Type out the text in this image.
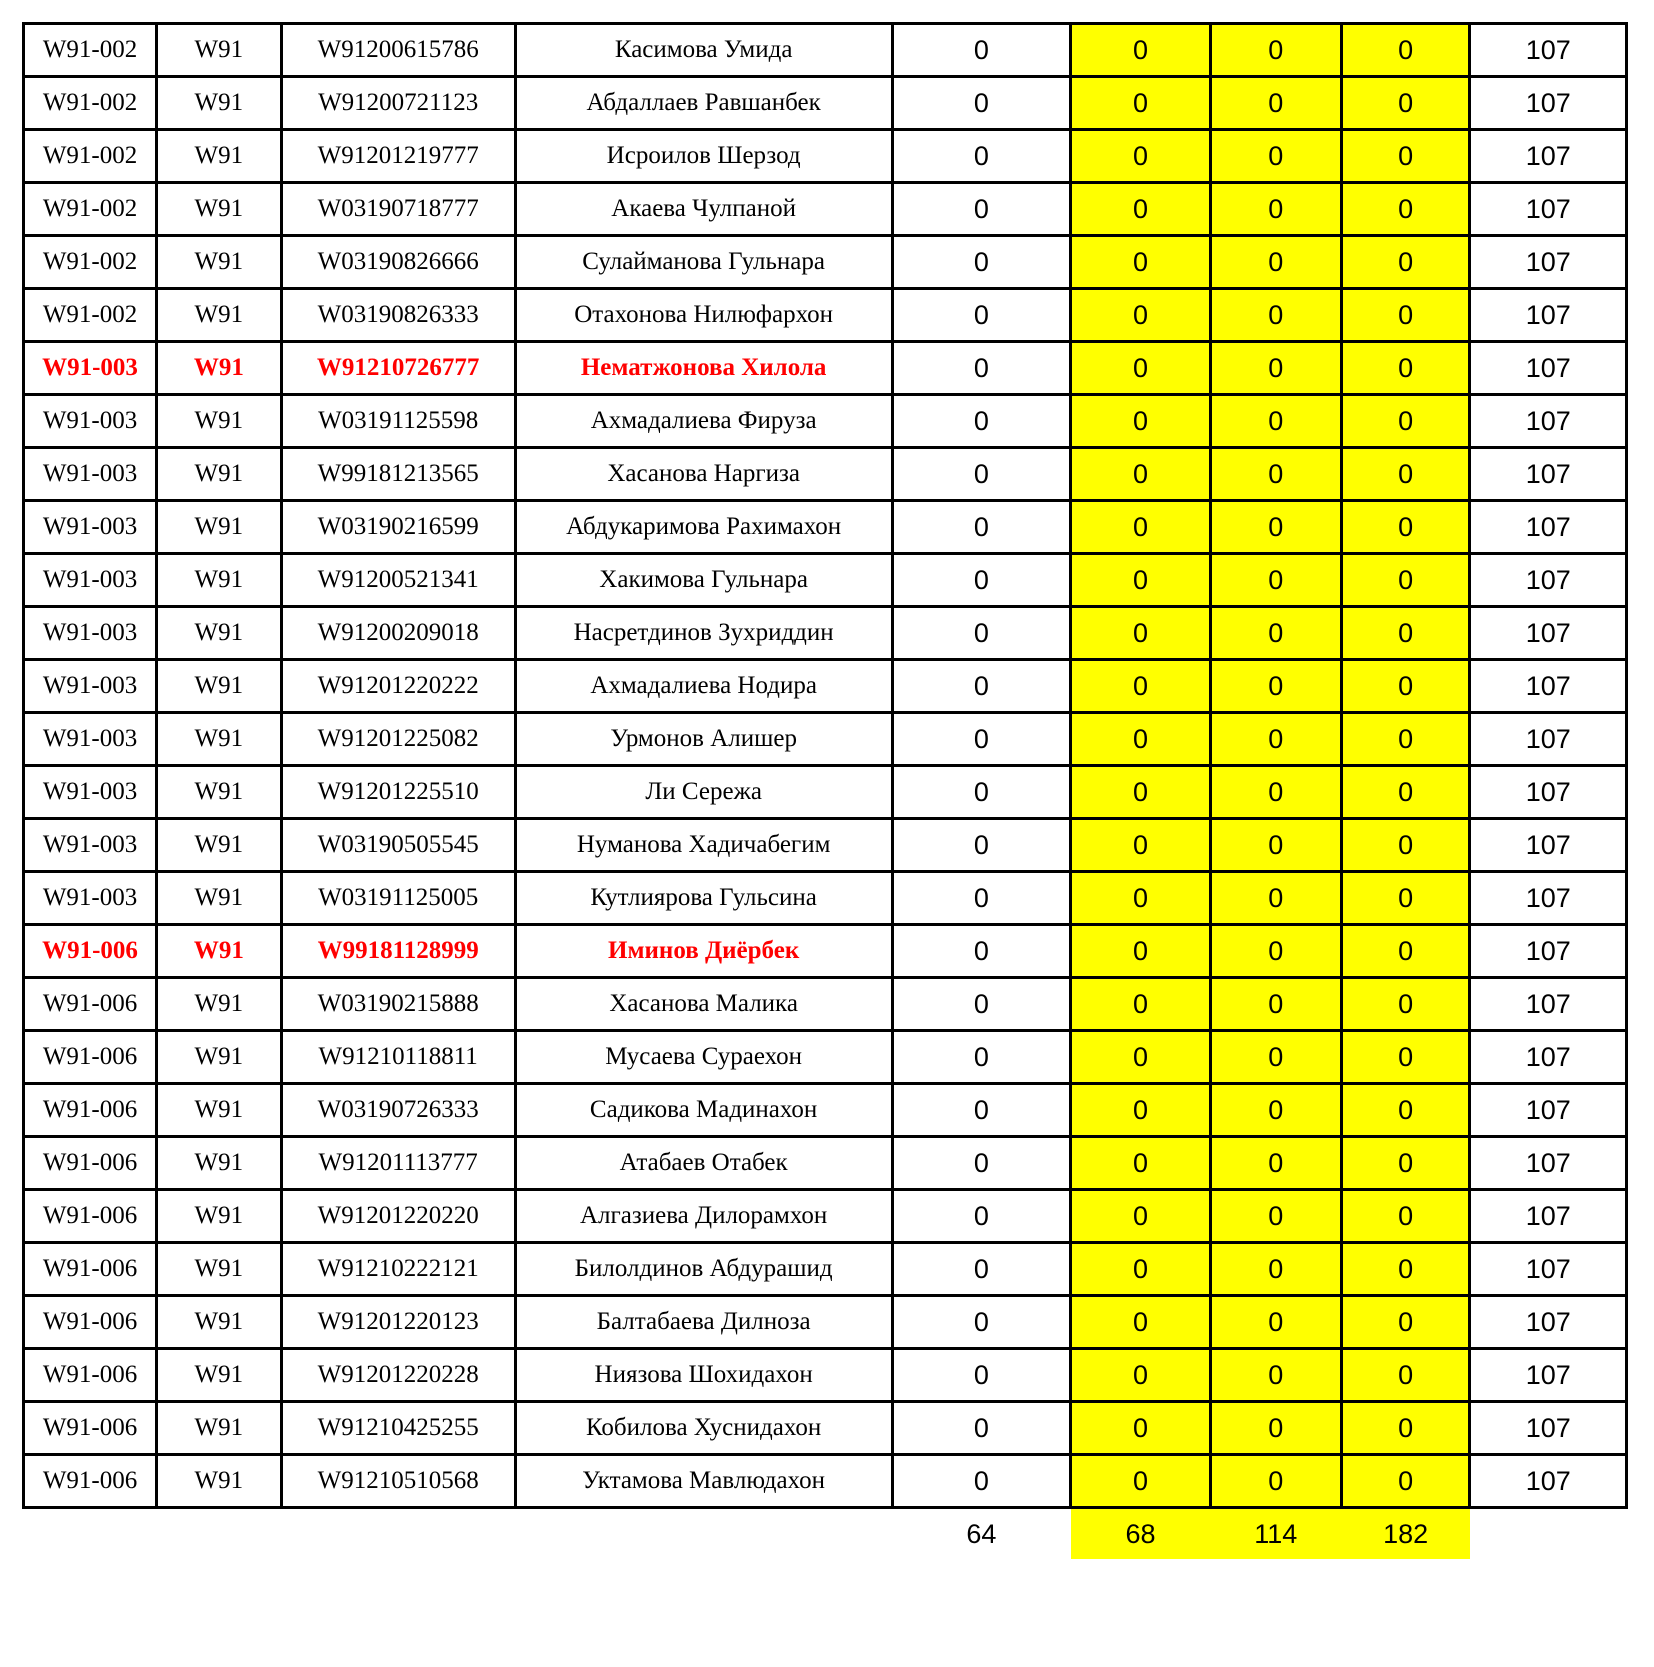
W91-002	W91	W91200615786	Касимова Умида	0	0	0	0	107
W91-002	W91	W91200721123	Абдаллаев Равшанбек	0	0	0	0	107
W91-002	W91	W91201219777	Исроилов Шерзод	0	0	0	0	107
W91-002	W91	W03190718777	Акаева Чулпаной	0	0	0	0	107
W91-002	W91	W03190826666	Сулайманова Гульнара	0	0	0	0	107
W91-002	W91	W03190826333	Отахонова Нилюфархон	0	0	0	0	107
W91-003	W91	W91210726777	Нематжонова Хилола	0	0	0	0	107
W91-003	W91	W03191125598	Ахмадалиева Фируза	0	0	0	0	107
W91-003	W91	W99181213565	Хасанова Наргиза	0	0	0	0	107
W91-003	W91	W03190216599	Абдукаримова Рахимахон	0	0	0	0	107
W91-003	W91	W91200521341	Хакимова Гульнара	0	0	0	0	107
W91-003	W91	W91200209018	Насретдинов Зухриддин	0	0	0	0	107
W91-003	W91	W91201220222	Ахмадалиева Нодира	0	0	0	0	107
W91-003	W91	W91201225082	Урмонов Алишер	0	0	0	0	107
W91-003	W91	W91201225510	Ли Сережа	0	0	0	0	107
W91-003	W91	W03190505545	Нуманова Хадичабегим	0	0	0	0	107
W91-003	W91	W03191125005	Кутлиярова Гульсина	0	0	0	0	107
W91-006	W91	W99181128999	Иминов Диёрбек	0	0	0	0	107
W91-006	W91	W03190215888	Хасанова Малика	0	0	0	0	107
W91-006	W91	W91210118811	Мусаева Сураехон	0	0	0	0	107
W91-006	W91	W03190726333	Садикова Мадинахон	0	0	0	0	107
W91-006	W91	W91201113777	Атабаев Отабек	0	0	0	0	107
W91-006	W91	W91201220220	Алгазиева Дилорамхон	0	0	0	0	107
W91-006	W91	W91210222121	Билолдинов Абдурашид	0	0	0	0	107
W91-006	W91	W91201220123	Балтабаева Дилноза	0	0	0	0	107
W91-006	W91	W91201220228	Ниязова Шохидахон	0	0	0	0	107
W91-006	W91	W91210425255	Кобилова Хуснидахон	0	0	0	0	107
W91-006	W91	W91210510568	Уктамова Мавлюдахон	0	0	0	0	107
				64	68	114	182	
